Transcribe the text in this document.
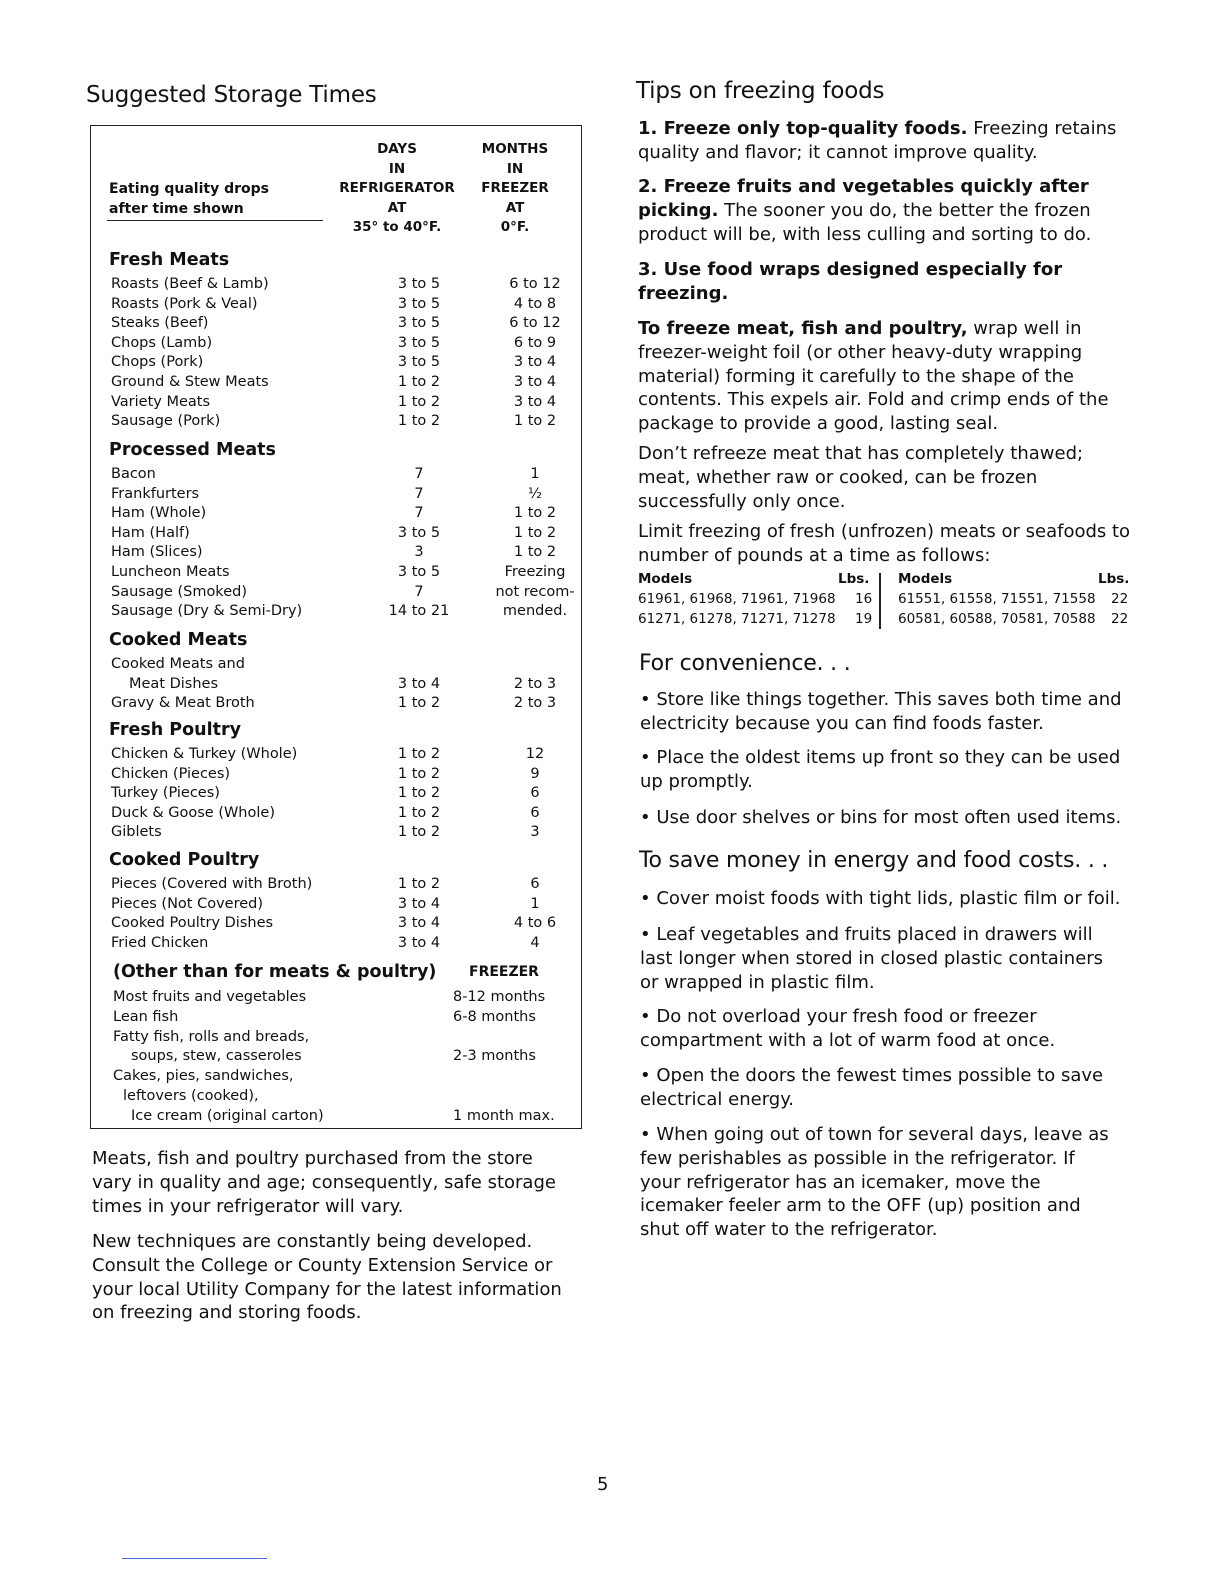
Suggested Storage Times
Eating quality drops
after time shown
DAYS
IN
REFRIGERATOR
AT
35° to 40°F.
MONTHS
IN
FREEZER
AT
0°F.
Fresh Meats
Roasts (Beef & Lamb)	3 to 5	6 to 12
Roasts (Pork & Veal)	3 to 5	4 to 8
Steaks (Beef)	3 to 5	6 to 12
Chops (Lamb)	3 to 5	6 to 9
Chops (Pork)	3 to 5	3 to 4
Ground & Stew Meats	1 to 2	3 to 4
Variety Meats	1 to 2	3 to 4
Sausage (Pork)	1 to 2	1 to 2
Processed Meats
Bacon	7	1
Frankfurters	7	½
Ham (Whole)	7	1 to 2
Ham (Half)	3 to 5	1 to 2
Ham (Slices)	3	1 to 2
Luncheon Meats	3 to 5	Freezing
Sausage (Smoked)	7	not recom-
Sausage (Dry & Semi-Dry)	14 to 21	mended.
Cooked Meats
Cooked Meats and
Meat Dishes	3 to 4	2 to 3
Gravy & Meat Broth	1 to 2	2 to 3
Fresh Poultry
Chicken & Turkey (Whole)	1 to 2	12
Chicken (Pieces)	1 to 2	9
Turkey (Pieces)	1 to 2	6
Duck & Goose (Whole)	1 to 2	6
Giblets	1 to 2	3
Cooked Poultry
Pieces (Covered with Broth)	1 to 2	6
Pieces (Not Covered)	3 to 4	1
Cooked Poultry Dishes	3 to 4	4 to 6
Fried Chicken	3 to 4	4
(Other than for meats & poultry) FREEZER
Most fruits and vegetables	8-12 months
Lean fish	6-8 months
Fatty fish, rolls and breads,
soups, stew, casseroles	2-3 months
Cakes, pies, sandwiches,
leftovers (cooked),
Ice cream (original carton)	1 month max.
Meats, fish and poultry purchased from the store vary in quality and age; consequently, safe storage times in your refrigerator will vary.
New techniques are constantly being developed. Consult the College or County Extension Service or your local Utility Company for the latest information on freezing and storing foods.
Tips on freezing foods
1. Freeze only top-quality foods. Freezing retains quality and flavor; it cannot improve quality.
2. Freeze fruits and vegetables quickly after picking. The sooner you do, the better the frozen product will be, with less culling and sorting to do.
3. Use food wraps designed especially for freezing.
To freeze meat, fish and poultry, wrap well in freezer-weight foil (or other heavy-duty wrapping material) forming it carefully to the shape of the contents. This expels air. Fold and crimp ends of the package to provide a good, lasting seal.
Don’t refreeze meat that has completely thawed; meat, whether raw or cooked, can be frozen successfully only once.
Limit freezing of fresh (unfrozen) meats or seafoods to number of pounds at a time as follows:
Models	Lbs.
61961, 61968, 71961, 71968 16
61271, 61278, 71271, 71278 19
Models	Lbs.
61551, 61558, 71551, 71558 22
60581, 60588, 70581, 70588 22
For convenience. . .
• Store like things together. This saves both time and electricity because you can find foods faster.
• Place the oldest items up front so they can be used up promptly.
• Use door shelves or bins for most often used items.
To save money in energy and food costs. . .
• Cover moist foods with tight lids, plastic film or foil.
• Leaf vegetables and fruits placed in drawers will last longer when stored in closed plastic containers or wrapped in plastic film.
• Do not overload your fresh food or freezer compartment with a lot of warm food at once.
• Open the doors the fewest times possible to save electrical energy.
• When going out of town for several days, leave as few perishables as possible in the refrigerator. If your refrigerator has an icemaker, move the icemaker feeler arm to the OFF (up) position and shut off water to the refrigerator.
5
